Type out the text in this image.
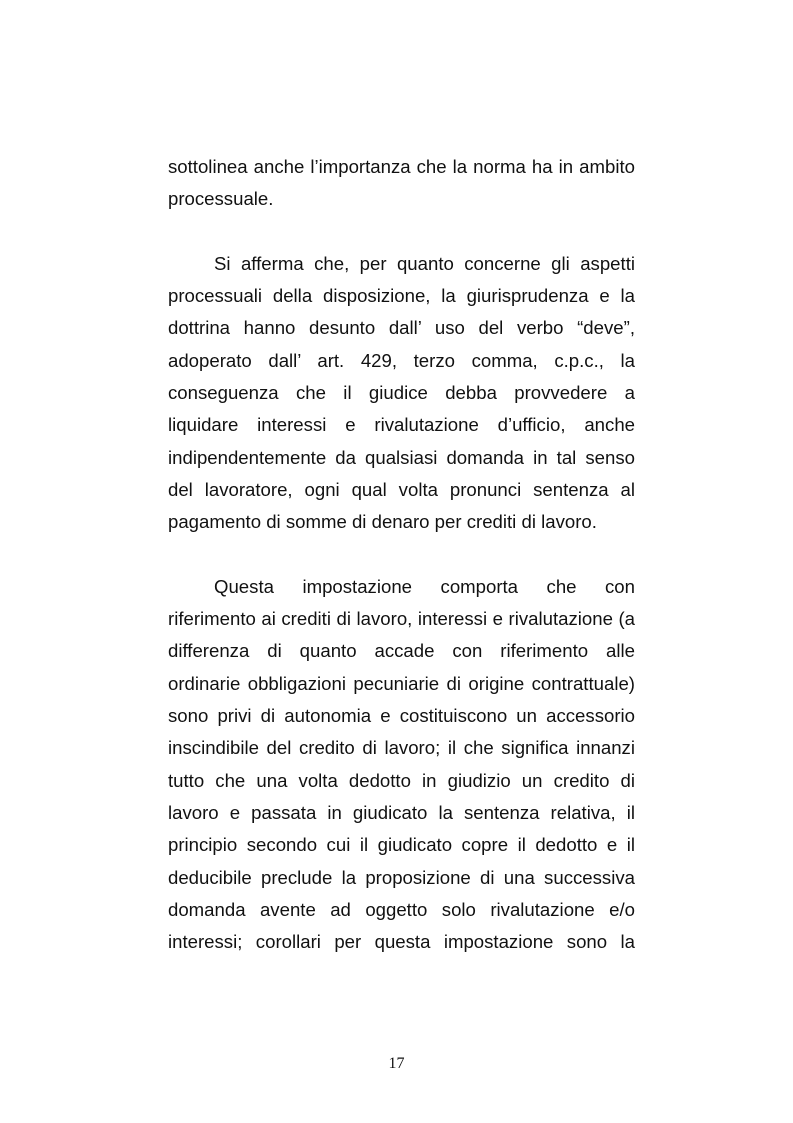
sottolinea anche l’importanza che la norma ha in ambito
processuale.
Si afferma che, per quanto concerne gli aspetti
processuali della disposizione, la giurisprudenza e la
dottrina hanno desunto dall’ uso del verbo “deve”,
adoperato dall’ art. 429, terzo comma, c.p.c., la
conseguenza che il giudice debba provvedere a
liquidare interessi e rivalutazione d’ufficio, anche
indipendentemente da qualsiasi domanda in tal senso
del lavoratore, ogni qual volta pronunci sentenza al
pagamento di somme di denaro per crediti di lavoro.
Questa impostazione comporta che con
riferimento ai crediti di lavoro, interessi e rivalutazione (a
differenza di quanto accade con riferimento alle
ordinarie obbligazioni pecuniarie di origine contrattuale)
sono privi di autonomia e costituiscono un accessorio
inscindibile del credito di lavoro; il che significa innanzi
tutto che una volta dedotto in giudizio un credito di
lavoro e passata in giudicato la sentenza relativa, il
principio secondo cui il giudicato copre il dedotto e il
deducibile preclude la proposizione di una successiva
domanda avente ad oggetto solo rivalutazione e/o
interessi; corollari per questa impostazione sono la
17
